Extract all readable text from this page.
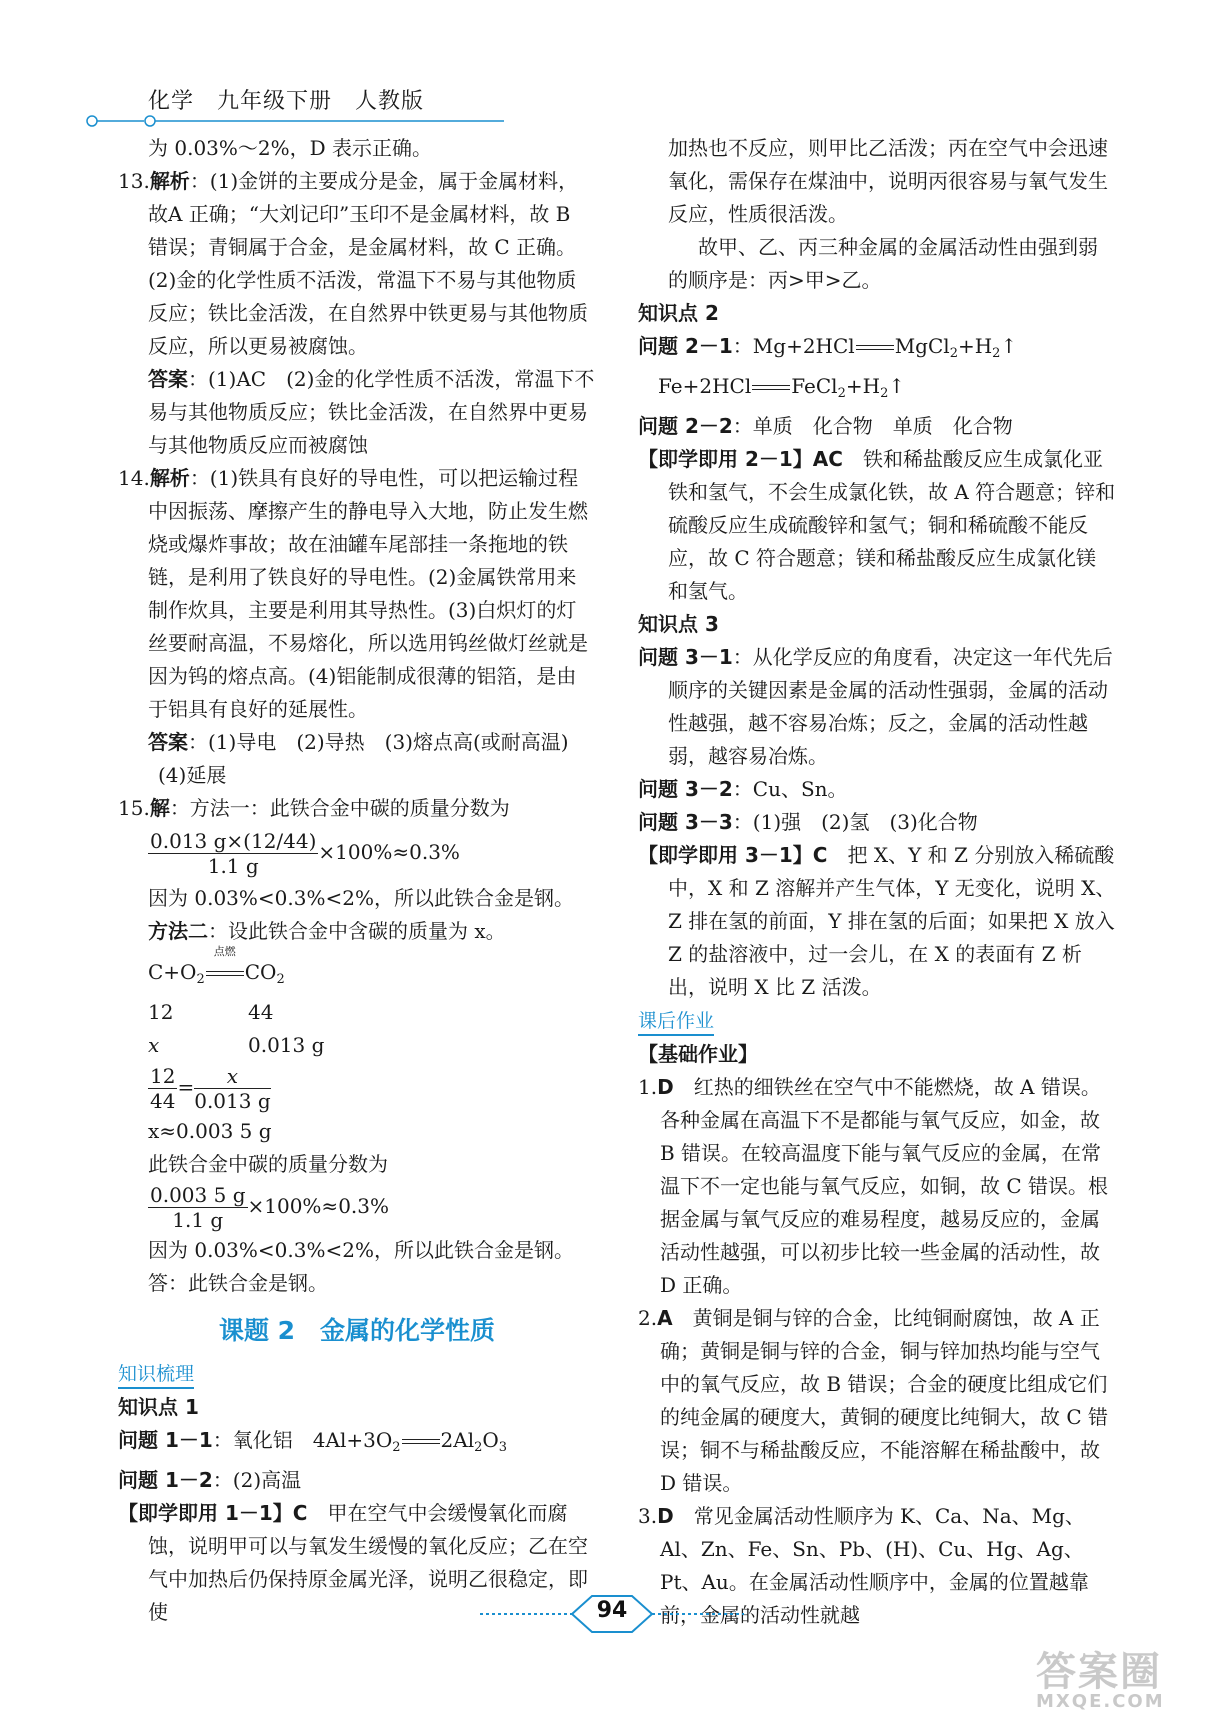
化学　九年级下册　人教版

为 0.03%～2%，D 表示正确。

13.解析：(1)金饼的主要成分是金，属于金属材料，故A 正确；“大刘记印”玉印不是金属材料，故 B 错误；青铜属于合金，是金属材料，故 C 正确。(2)金的化学性质不活泼，常温下不易与其他物质反应；铁比金活泼，在自然界中铁更易与其他物质反应，所以更易被腐蚀。

答案：(1)AC　(2)金的化学性质不活泼，常温下不易与其他物质反应；铁比金活泼，在自然界中更易与其他物质反应而被腐蚀

14.解析：(1)铁具有良好的导电性，可以把运输过程中因振荡、摩擦产生的静电导入大地，防止发生燃烧或爆炸事故；故在油罐车尾部挂一条拖地的铁链，是利用了铁良好的导电性。(2)金属铁常用来制作炊具，主要是利用其导热性。(3)白炽灯的灯丝要耐高温，不易熔化，所以选用钨丝做灯丝就是因为钨的熔点高。(4)铝能制成很薄的铝箔，是由于铝具有良好的延展性。

答案：(1)导电　(2)导热　(3)熔点高(或耐高温)

(4)延展

15.解：方法一：此铁合金中碳的质量分数为

$\frac{0.013 g\times(12/44)}{1.1 g} \times 100\%\approx 0.3\%$

因为 0.03%<0.3%<2%，所以此铁合金是钢。

方法二：设此铁合金中含碳的质量为 x。

$C+O_2$
点燃
$CO_2$

12	44

x	0.013 g

$\frac{12}{44} = \frac{x}{0.013 g}$

x≈0.003 5 g

此铁合金中碳的质量分数为

$\frac{0.003 5 g}{1.1 g} \times 100\%\approx 0.3\%$

因为 0.03%<0.3%<2%，所以此铁合金是钢。

答：此铁合金是钢。

课题 2　金属的化学性质
知识梳理

知识点 1

问题 1－1：氧化铝　$4Al+3O_2$ $2Al_2O_3$

问题 1－2：(2)高温

【即学即用 1－1】C　甲在空气中会缓慢氧化而腐蚀，说明甲可以与氧发生缓慢的氧化反应；乙在空气中加热后仍保持原金属光泽，说明乙很稳定，即使

加热也不反应，则甲比乙活泼；丙在空气中会迅速氧化，需保存在煤油中，说明丙很容易与氧气发生反应，性质很活泼。

故甲、乙、丙三种金属的金属活动性由强到弱的顺序是：丙>甲>乙。

知识点 2

问题 2－1：Mg+2HCl $MgCl_2+H_2↑$

Fe+2HCl $FeCl_2+H_2↑$

问题 2－2：单质　化合物　单质　化合物

【即学即用 2－1】AC　铁和稀盐酸反应生成氯化亚铁和氢气，不会生成氯化铁，故 A 符合题意；锌和硫酸反应生成硫酸锌和氢气；铜和稀硫酸不能反应，故 C 符合题意；镁和稀盐酸反应生成氯化镁和氢气。

知识点 3

问题 3－1：从化学反应的角度看，决定这一年代先后顺序的关键因素是金属的活动性强弱，金属的活动性越强，越不容易冶炼；反之，金属的活动性越弱，越容易冶炼。

问题 3－2：Cu、Sn。

问题 3－3：(1)强　(2)氢　(3)化合物

【即学即用 3－1】C　把 X、Y 和 Z 分别放入稀硫酸中，X 和 Z 溶解并产生气体，Y 无变化，说明 X、Z 排在氢的前面，Y 排在氢的后面；如果把 X 放入 Z 的盐溶液中，过一会儿，在 X 的表面有 Z 析出，说明 X 比 Z 活泼。

课后作业

【基础作业】

1.D　红热的细铁丝在空气中不能燃烧，故 A 错误。各种金属在高温下不是都能与氧气反应，如金，故 B 错误。在较高温度下能与氧气反应的金属，在常温下不一定也能与氧气反应，如铜，故 C 错误。根据金属与氧气反应的难易程度，越易反应的，金属活动性越强，可以初步比较一些金属的活动性，故 D 正确。

2.A　黄铜是铜与锌的合金，比纯铜耐腐蚀，故 A 正确；黄铜是铜与锌的合金，铜与锌加热均能与空气中的氧气反应，故 B 错误；合金的硬度比组成它们的纯金属的硬度大，黄铜的硬度比纯铜大，故 C 错误；铜不与稀盐酸反应，不能溶解在稀盐酸中，故 D 错误。

3.D　常见金属活动性顺序为 K、Ca、Na、Mg、Al、Zn、Fe、Sn、Pb、(H)、Cu、Hg、Ag、Pt、Au。在金属活动性顺序中，金属的位置越靠前，金属的活动性就越

94
答案圈
MXQE.COM
